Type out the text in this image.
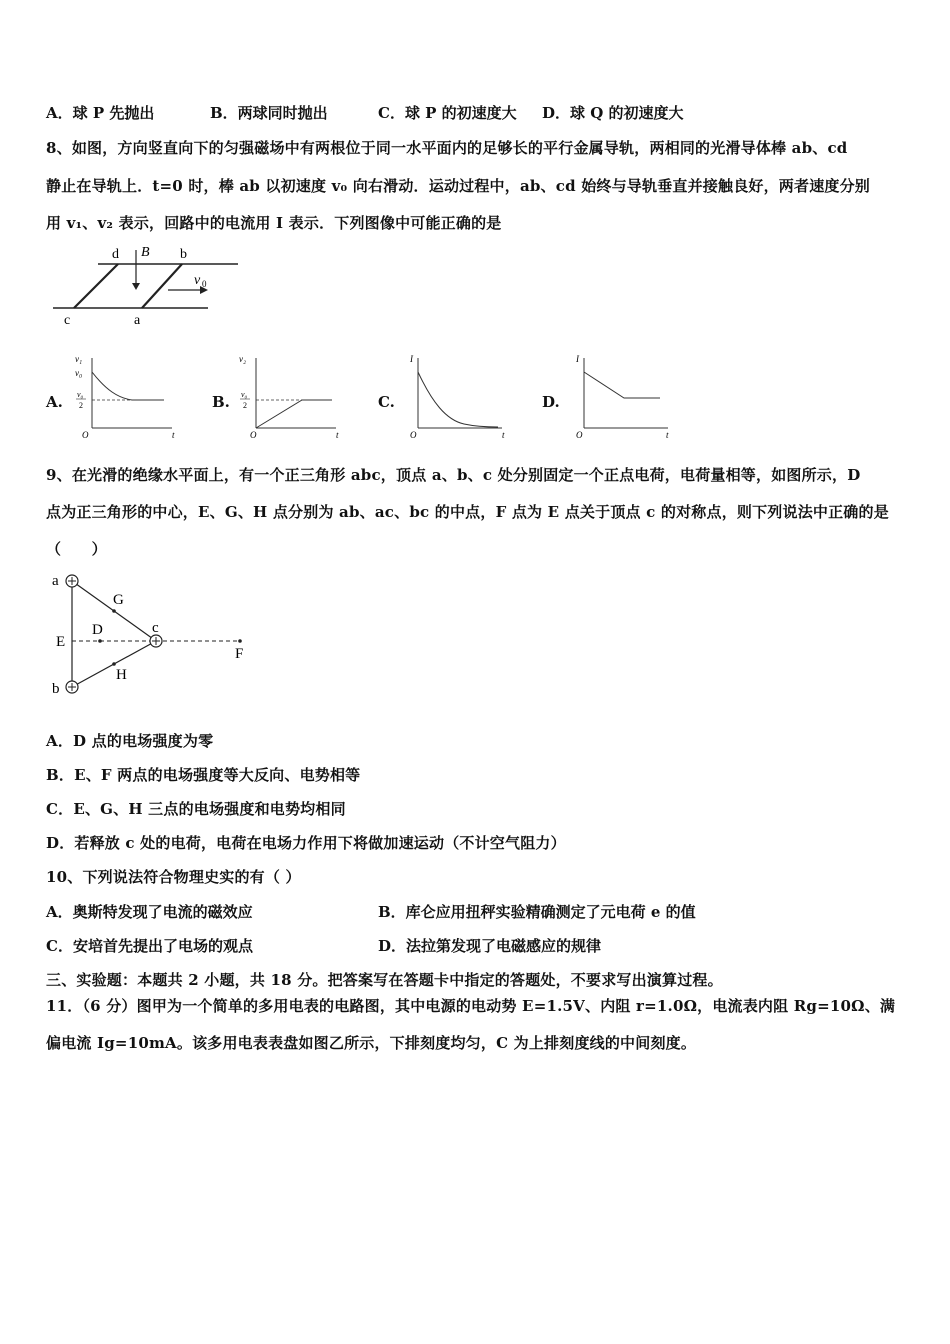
A．球 P 先抛出	B．两球同时抛出	C．球 P 的初速度大 D．球 Q 的初速度大
8、如图，方向竖直向下的匀强磁场中有两根位于同一水平面内的足够长的平行金属导轨，两相同的光滑导体棒 ab、cd
静止在导轨上．t=0 时，棒 ab 以初速度 v₀ 向右滑动．运动过程中，ab、cd 始终与导轨垂直并接触良好，两者速度分别
用 v₁、v₂ 表示，回路中的电流用 I 表示．下列图像中可能正确的是
d B b
v 0
c	a
A.
v₁
v₀
v₀
2
O	t
B.
v₂
v₀
2
O	t
C.
I
O	t
D.
I
O	t
9、在光滑的绝缘水平面上，有一个正三角形 abc，顶点 a、b、c 处分别固定一个正点电荷，电荷量相等，如图所示，D
点为正三角形的中心，E、G、H 点分别为 ab、ac、bc 的中点，F 点为 E 点关于顶点 c 的对称点，则下列说法中正确的是
（　　）
a
b
c
D
E
F
G
H
A．D 点的电场强度为零
B．E、F 两点的电场强度等大反向、电势相等
C．E、G、H 三点的电场强度和电势均相同
D．若释放 c 处的电荷，电荷在电场力作用下将做加速运动（不计空气阻力）
10、下列说法符合物理史实的有（ ）
A．奥斯特发现了电流的磁效应	B．库仑应用扭秤实验精确测定了元电荷 e 的值
C．安培首先提出了电场的观点	D．法拉第发现了电磁感应的规律
三、实验题：本题共 2 小题，共 18 分。把答案写在答题卡中指定的答题处，不要求写出演算过程。
11．（6 分）图甲为一个简单的多用电表的电路图，其中电源的电动势 E=1.5V、内阻 r=1.0Ω，电流表内阻 Rg=10Ω、满
偏电流 Ig=10mA。该多用电表表盘如图乙所示，下排刻度均匀，C 为上排刻度线的中间刻度。
